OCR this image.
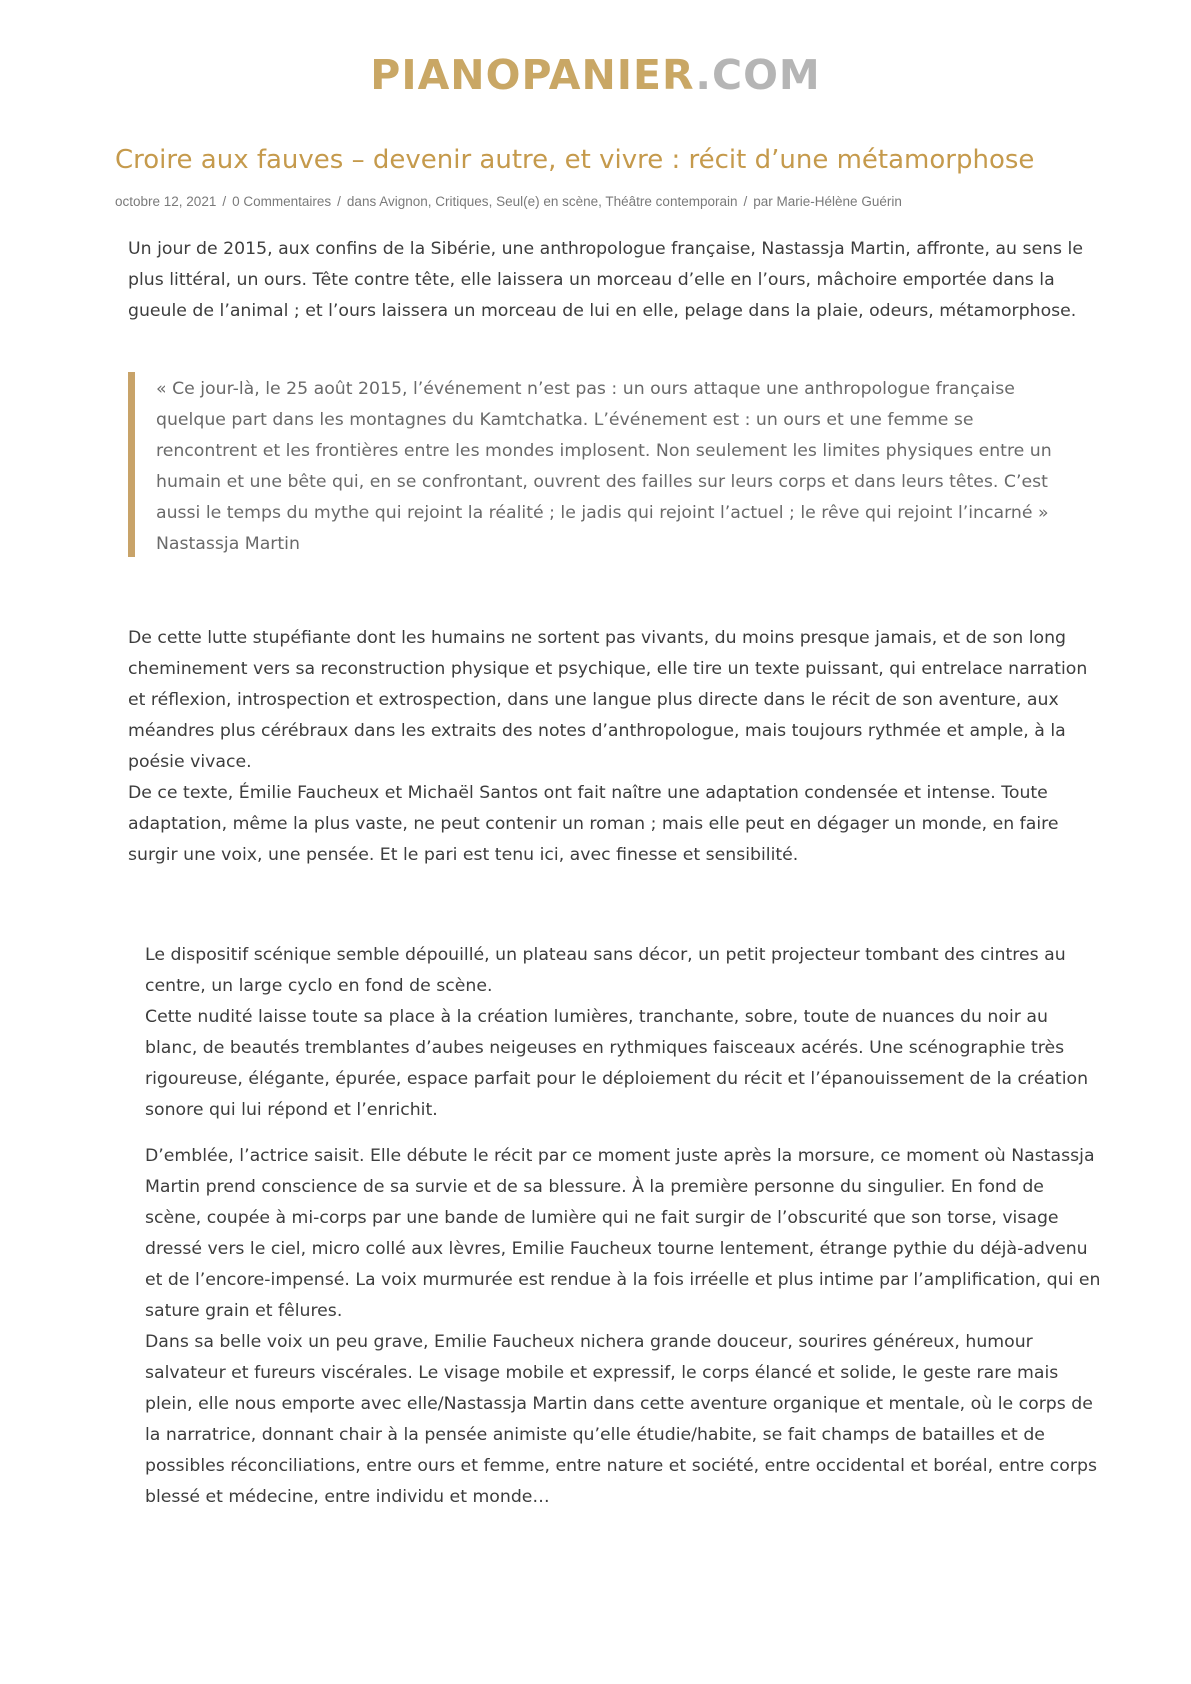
PIANOPANIER.COM
Croire aux fauves – devenir autre, et vivre : récit d’une métamorphose
octobre 12, 2021 / 0 Commentaires / dans Avignon, Critiques, Seul(e) en scène, Théâtre contemporain / par Marie-Hélène Guérin

Un jour de 2015, aux confins de la Sibérie, une anthropologue française, Nastassja Martin, affronte, au sens le plus littéral, un ours. Tête contre tête, elle laissera un morceau d’elle en l’ours, mâchoire emportée dans la gueule de l’animal ; et l’ours laissera un morceau de lui en elle, pelage dans la plaie, odeurs, métamorphose.

« Ce jour-là, le 25 août 2015, l’événement n’est pas : un ours attaque une anthropologue française quelque part dans les montagnes du Kamtchatka. L’événement est : un ours et une femme se rencontrent et les frontières entre les mondes implosent. Non seulement les limites physiques entre un humain et une bête qui, en se confrontant, ouvrent des failles sur leurs corps et dans leurs têtes. C’est aussi le temps du mythe qui rejoint la réalité ; le jadis qui rejoint l’actuel ; le rêve qui rejoint l’incarné » Nastassja Martin

De cette lutte stupéfiante dont les humains ne sortent pas vivants, du moins presque jamais, et de son long cheminement vers sa reconstruction physique et psychique, elle tire un texte puissant, qui entrelace narration et réflexion, introspection et extrospection, dans une langue plus directe dans le récit de son aventure, aux méandres plus cérébraux dans les extraits des notes d’anthropologue, mais toujours rythmée et ample, à la poésie vivace.
De ce texte, Émilie Faucheux et Michaël Santos ont fait naître une adaptation condensée et intense. Toute adaptation, même la plus vaste, ne peut contenir un roman ; mais elle peut en dégager un monde, en faire surgir une voix, une pensée. Et le pari est tenu ici, avec finesse et sensibilité.

Le dispositif scénique semble dépouillé, un plateau sans décor, un petit projecteur tombant des cintres au centre, un large cyclo en fond de scène.
Cette nudité laisse toute sa place à la création lumières, tranchante, sobre, toute de nuances du noir au blanc, de beautés tremblantes d’aubes neigeuses en rythmiques faisceaux acérés. Une scénographie très rigoureuse, élégante, épurée, espace parfait pour le déploiement du récit et l’épanouissement de la création sonore qui lui répond et l’enrichit.

D’emblée, l’actrice saisit. Elle débute le récit par ce moment juste après la morsure, ce moment où Nastassja Martin prend conscience de sa survie et de sa blessure. À la première personne du singulier. En fond de scène, coupée à mi-corps par une bande de lumière qui ne fait surgir de l’obscurité que son torse, visage dressé vers le ciel, micro collé aux lèvres, Emilie Faucheux tourne lentement, étrange pythie du déjà-advenu et de l’encore-impensé. La voix murmurée est rendue à la fois irréelle et plus intime par l’amplification, qui en sature grain et fêlures.
Dans sa belle voix un peu grave, Emilie Faucheux nichera grande douceur, sourires généreux, humour salvateur et fureurs viscérales. Le visage mobile et expressif, le corps élancé et solide, le geste rare mais plein, elle nous emporte avec elle/Nastassja Martin dans cette aventure organique et mentale, où le corps de la narratrice, donnant chair à la pensée animiste qu’elle étudie/habite, se fait champs de batailles et de possibles réconciliations, entre ours et femme, entre nature et société, entre occidental et boréal, entre corps blessé et médecine, entre individu et monde…
